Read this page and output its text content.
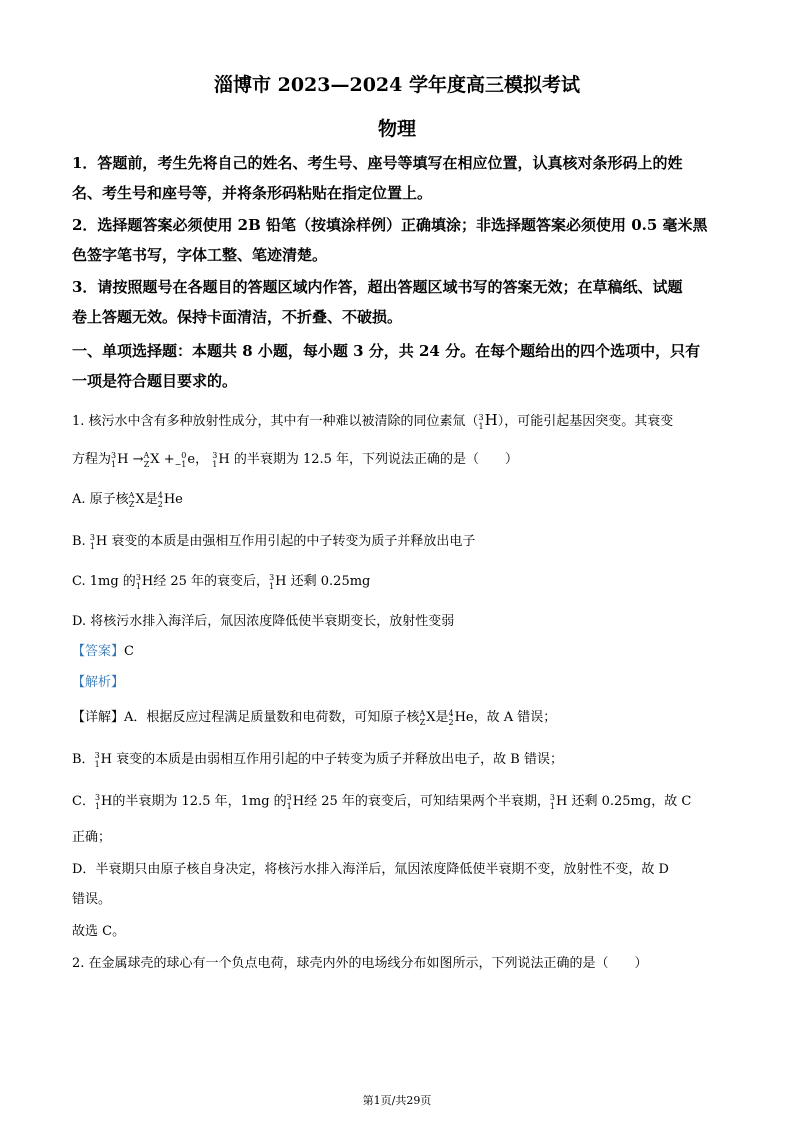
淄博市 2023—2024 学年度高三模拟考试
物理
1．答题前，考生先将自己的姓名、考生号、座号等填写在相应位置，认真核对条形码上的姓
名、考生号和座号等，并将条形码粘贴在指定位置上。
2．选择题答案必须使用 2B 铅笔（按填涂样例）正确填涂；非选择题答案必须使用 0.5 毫米黑
色签字笔书写，字体工整、笔迹清楚。
3．请按照题号在各题目的答题区域内作答，超出答题区域书写的答案无效；在草稿纸、试题
卷上答题无效。保持卡面清洁，不折叠、不破损。
一、单项选择题：本题共 8 小题，每小题 3 分，共 24 分。在每个题给出的四个选项中，只有
一项是符合题目要求的。
1. 核污水中含有多种放射性成分，其中有一种难以被清除的同位素氚（ 3
1 H），可能引起基因突变。其衰变
方程为 3
1 H → A
Z X + 0
−1 e， 3
1 H 的半衰期为 12.5 年，下列说法正确的是（　　）
A. 原子核 A
Z X是 4
2 He
B. 3
1 H 衰变的本质是由强相互作用引起的中子转变为质子并释放出电子
C. 1mg 的 3
1 H经 25 年的衰变后， 3
1 H 还剩 0.25mg
D. 将核污水排入海洋后，氚因浓度降低使半衰期变长，放射性变弱
【答案】C
【解析】
【详解】A．根据反应过程满足质量数和电荷数，可知原子核 A
Z X是 4
2 He，故 A 错误；
B． 3
1 H 衰变的本质是由弱相互作用引起的中子转变为质子并释放出电子，故 B 错误；
C． 3
1 H的半衰期为 12.5 年，1mg 的 3
1 H经 25 年的衰变后，可知结果两个半衰期， 3
1 H 还剩 0.25mg，故 C
正确；
D．半衰期只由原子核自身决定，将核污水排入海洋后，氚因浓度降低使半衰期不变，放射性不变，故 D
错误。
故选 C。
2. 在金属球壳的球心有一个负点电荷，球壳内外的电场线分布如图所示，下列说法正确的是（　　）
第1页/共29页
